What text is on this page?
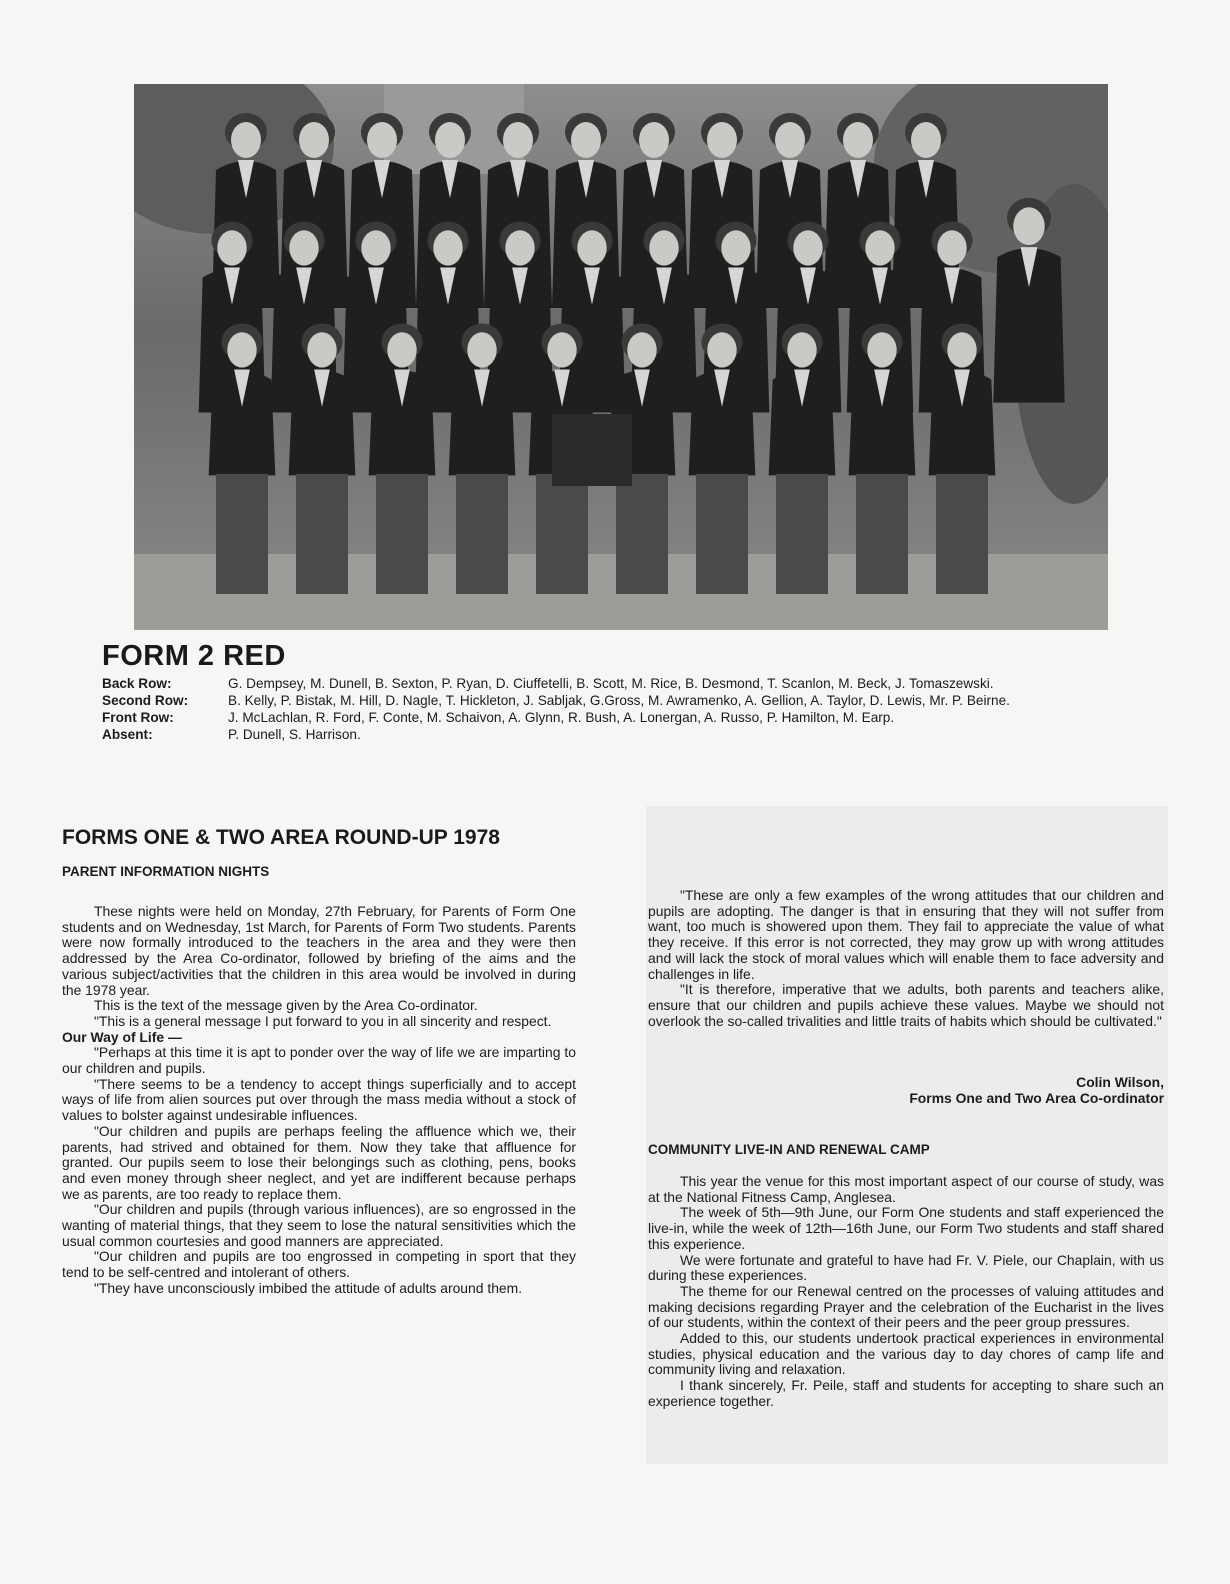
FORM 2 RED
Back Row:	G. Dempsey, M. Dunell, B. Sexton, P. Ryan, D. Ciuffetelli, B. Scott, M. Rice, B. Desmond, T. Scanlon, M. Beck, J. Tomaszewski.
Second Row:	B. Kelly, P. Bistak, M. Hill, D. Nagle, T. Hickleton, J. Sabljak, G.Gross, M. Awramenko, A. Gellion, A. Taylor, D. Lewis, Mr. P. Beirne.
Front Row:	J. McLachlan, R. Ford, F. Conte, M. Schaivon, A. Glynn, R. Bush, A. Lonergan, A. Russo, P. Hamilton, M. Earp.
Absent:	P. Dunell, S. Harrison.
FORMS ONE & TWO AREA ROUND-UP 1978
PARENT INFORMATION NIGHTS

These nights were held on Monday, 27th February, for Parents of Form One students and on Wednesday, 1st March, for Parents of Form Two students. Parents were now formally introduced to the teachers in the area and they were then addressed by the Area Co-ordinator, followed by briefing of the aims and the various subject/activities that the children in this area would be involved in during the 1978 year.

This is the text of the message given by the Area Co-ordinator.

"This is a general message I put forward to you in all sincerity and respect.

Our Way of Life —

"Perhaps at this time it is apt to ponder over the way of life we are imparting to our children and pupils.

"There seems to be a tendency to accept things superficially and to accept ways of life from alien sources put over through the mass media without a stock of values to bolster against undesirable influences.

"Our children and pupils are perhaps feeling the affluence which we, their parents, had strived and obtained for them. Now they take that affluence for granted. Our pupils seem to lose their belongings such as clothing, pens, books and even money through sheer neglect, and yet are indifferent because perhaps we as parents, are too ready to replace them.

"Our children and pupils (through various influences), are so engrossed in the wanting of material things, that they seem to lose the natural sensitivities which the usual common courtesies and good manners are appreciated.

"Our children and pupils are too engrossed in competing in sport that they tend to be self-centred and intolerant of others.

"They have unconsciously imbibed the attitude of adults around them.

"These are only a few examples of the wrong attitudes that our children and pupils are adopting. The danger is that in ensuring that they will not suffer from want, too much is showered upon them. They fail to appreciate the value of what they receive. If this error is not corrected, they may grow up with wrong attitudes and will lack the stock of moral values which will enable them to face adversity and challenges in life.

"It is therefore, imperative that we adults, both parents and teachers alike, ensure that our children and pupils achieve these values. Maybe we should not overlook the so-called trivalities and little traits of habits which should be cultivated."

Colin Wilson,
Forms One and Two Area Co-ordinator
COMMUNITY LIVE-IN AND RENEWAL CAMP

This year the venue for this most important aspect of our course of study, was at the National Fitness Camp, Anglesea.

The week of 5th—9th June, our Form One students and staff experienced the live-in, while the week of 12th—16th June, our Form Two students and staff shared this experience.

We were fortunate and grateful to have had Fr. V. Piele, our Chaplain, with us during these experiences.

The theme for our Renewal centred on the processes of valuing attitudes and making decisions regarding Prayer and the celebration of the Eucharist in the lives of our students, within the context of their peers and the peer group pressures.

Added to this, our students undertook practical experiences in environmental studies, physical education and the various day to day chores of camp life and community living and relaxation.

I thank sincerely, Fr. Peile, staff and students for accepting to share such an experience together.
